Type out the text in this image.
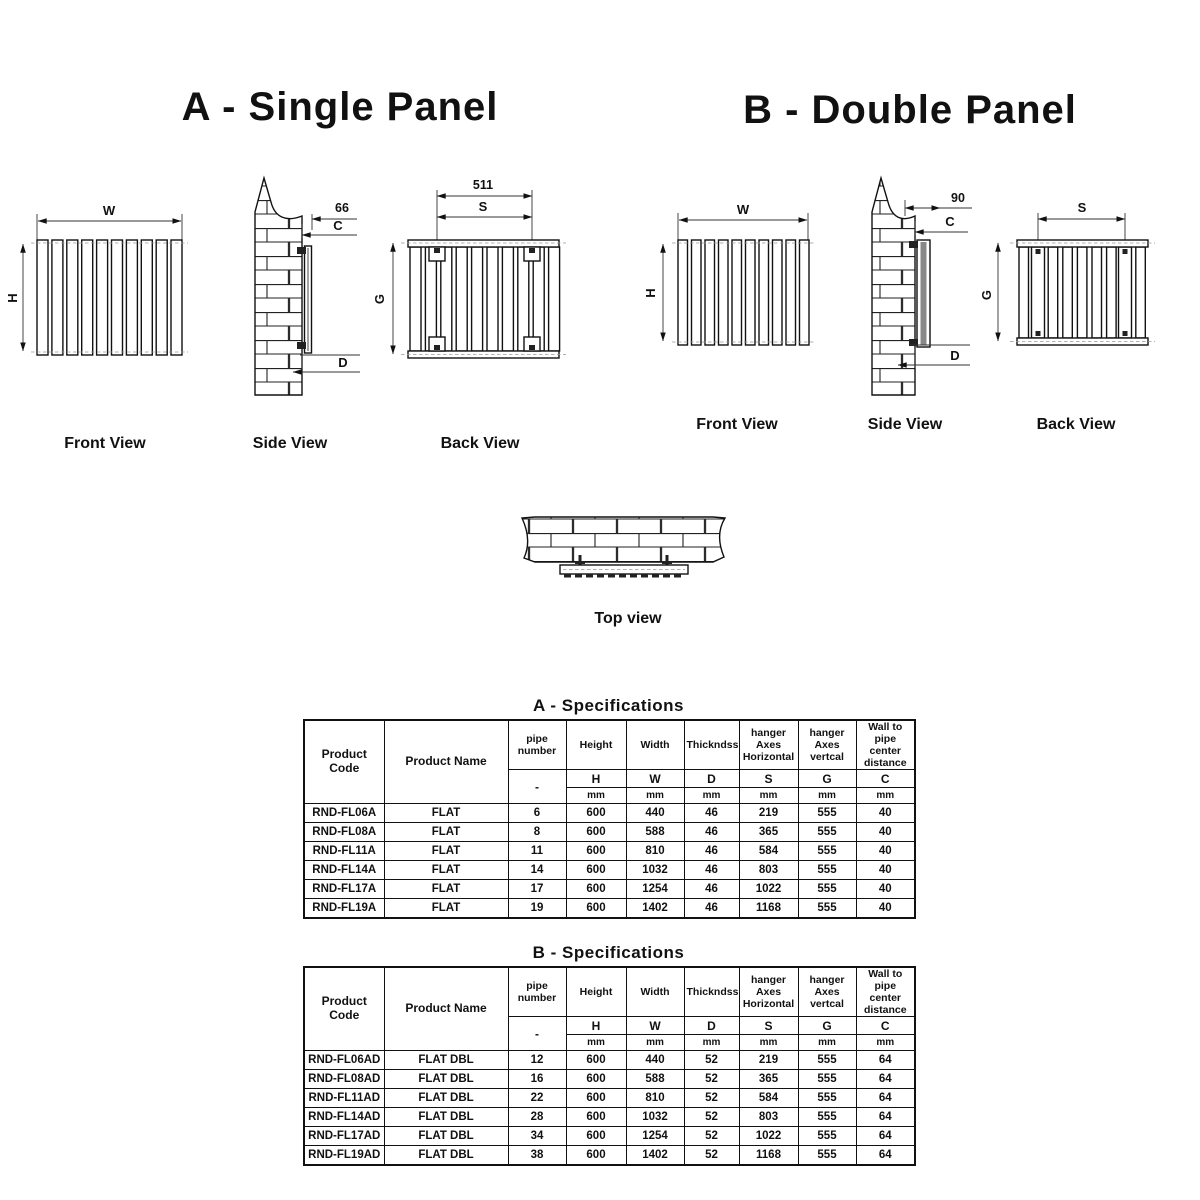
A - Single Panel	B - Double Panel
W
H
66
C
D
511
S
G
Front View	Side View	Back View
W
H
90
C
D
S
G
Front View	Side View	Back View
Top view
A - Specifications
Product Code	Product Name	pipe number	Height	Width	Thickndss	hanger Axes Horizontal	hanger Axes vertcal	Wall to pipe center distance
		-	H	W	D	S	G	C
			mm	mm	mm	mm	mm	mm
RND-FL06A	FLAT	6	600	440	46	219	555	40
RND-FL08A	FLAT	8	600	588	46	365	555	40
RND-FL11A	FLAT	11	600	810	46	584	555	40
RND-FL14A	FLAT	14	600	1032	46	803	555	40
RND-FL17A	FLAT	17	600	1254	46	1022	555	40
RND-FL19A	FLAT	19	600	1402	46	1168	555	40
B - Specifications
Product Code	Product Name	pipe number	Height	Width	Thickndss	hanger Axes Horizontal	hanger Axes vertcal	Wall to pipe center distance
		-	H	W	D	S	G	C
			mm	mm	mm	mm	mm	mm
RND-FL06AD	FLAT DBL	12	600	440	52	219	555	64
RND-FL08AD	FLAT DBL	16	600	588	52	365	555	64
RND-FL11AD	FLAT DBL	22	600	810	52	584	555	64
RND-FL14AD	FLAT DBL	28	600	1032	52	803	555	64
RND-FL17AD	FLAT DBL	34	600	1254	52	1022	555	64
RND-FL19AD	FLAT DBL	38	600	1402	52	1168	555	64
